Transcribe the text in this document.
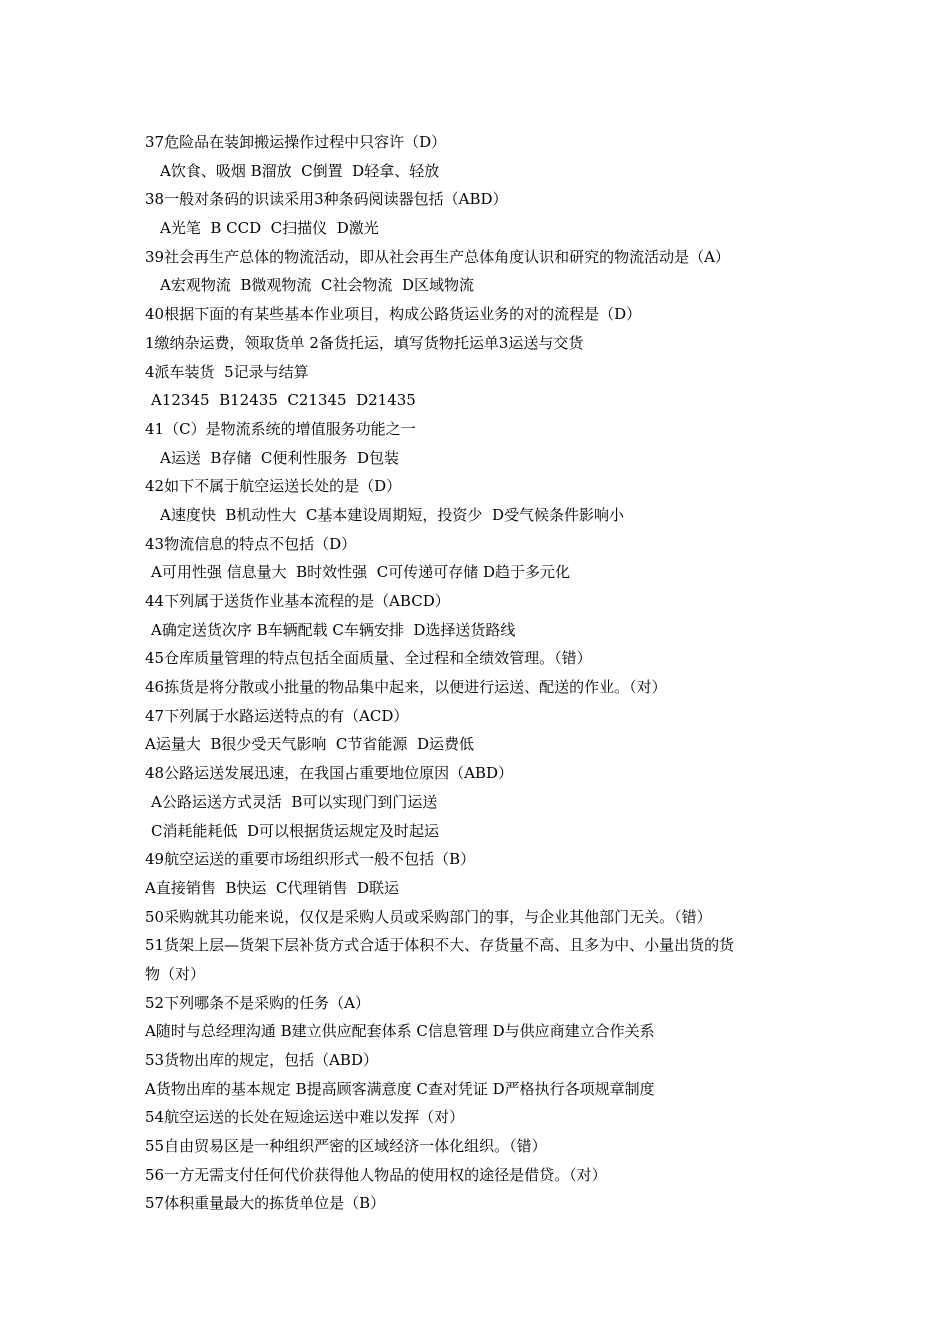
37危险品在装卸搬运操作过程中只容许（D）
A饮食、吸烟 B溜放  C倒置  D轻拿、轻放
38一般对条码的识读采用3种条码阅读器包括（ABD）
A光笔  B CCD  C扫描仪  D激光
39社会再生产总体的物流活动，即从社会再生产总体角度认识和研究的物流活动是（A）
A宏观物流  B微观物流  C社会物流  D区域物流
40根据下面的有某些基本作业项目，构成公路货运业务的对的流程是（D）
1缴纳杂运费，领取货单 2备货托运，填写货物托运单3运送与交货
4派车装货  5记录与结算
A12345  B12435  C21345  D21435
41（C）是物流系统的增值服务功能之一
A运送  B存储  C便利性服务  D包装
42如下不属于航空运送长处的是（D）
A速度快  B机动性大  C基本建设周期短，投资少  D受气候条件影响小
43物流信息的特点不包括（D）
A可用性强 信息量大  B时效性强  C可传递可存储 D趋于多元化
44下列属于送货作业基本流程的是（ABCD）
A确定送货次序 B车辆配载 C车辆安排  D选择送货路线
45仓库质量管理的特点包括全面质量、全过程和全绩效管理。（错）
46拣货是将分散或小批量的物品集中起来，以便进行运送、配送的作业。（对）
47下列属于水路运送特点的有（ACD）
A运量大  B很少受天气影响  C节省能源  D运费低
48公路运送发展迅速，在我国占重要地位原因（ABD）
A公路运送方式灵活  B可以实现门到门运送
C消耗能耗低  D可以根据货运规定及时起运
49航空运送的重要市场组织形式一般不包括（B）
A直接销售  B快运  C代理销售  D联运
50采购就其功能来说，仅仅是采购人员或采购部门的事，与企业其他部门无关。（错）
51货架上层—货架下层补货方式合适于体积不大、存货量不高、且多为中、小量出货的货
物（对）
52下列哪条不是采购的任务（A）
A随时与总经理沟通 B建立供应配套体系 C信息管理 D与供应商建立合作关系
53货物出库的规定，包括（ABD）
A货物出库的基本规定 B提高顾客满意度 C查对凭证 D严格执行各项规章制度
54航空运送的长处在短途运送中难以发挥（对）
55自由贸易区是一种组织严密的区域经济一体化组织。（错）
56一方无需支付任何代价获得他人物品的使用权的途径是借贷。（对）
57体积重量最大的拣货单位是（B）
